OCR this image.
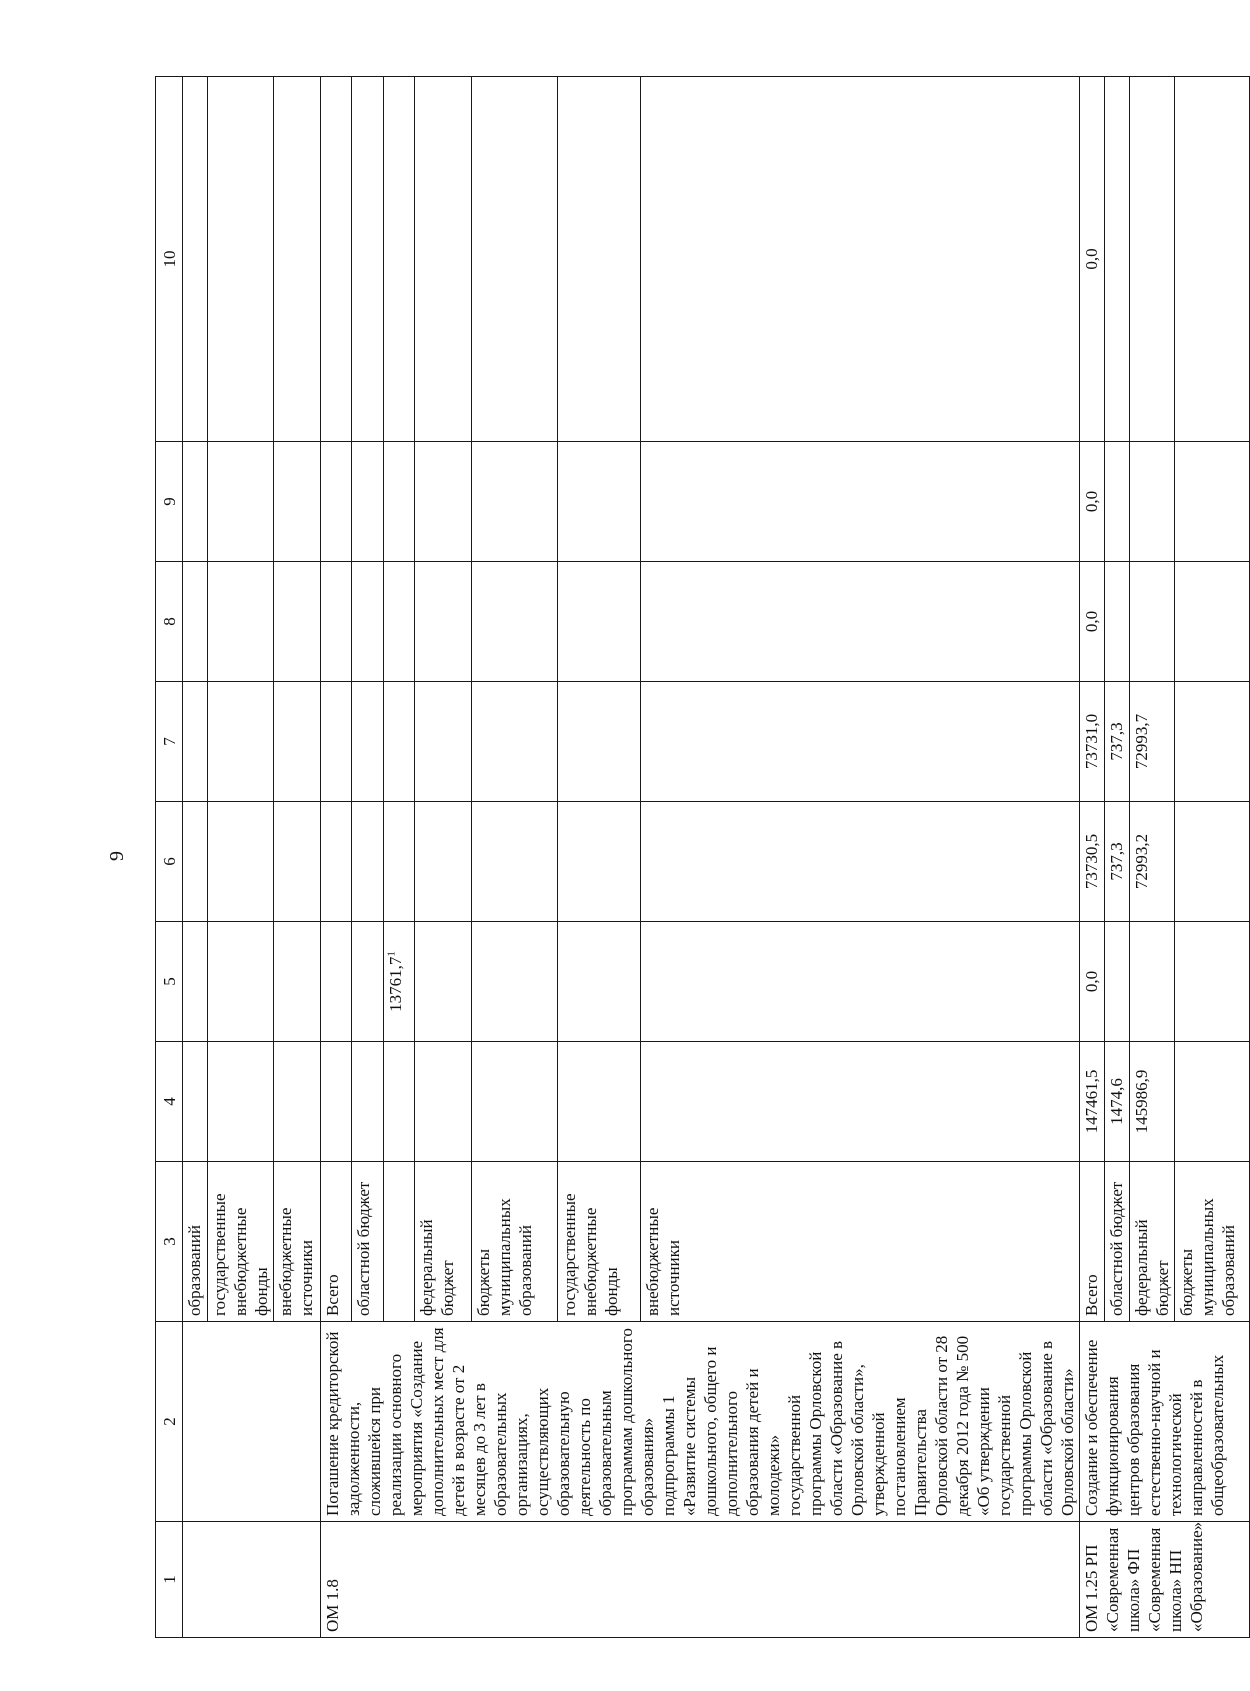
9
1	2	3	4	5	6	7	8	9	10
		образований							
		государственные
внебюджетные фонды							
		внебюджетные
источники							
ОМ 1.8	Погашение кредиторской задолженности, сложившейся при реализации основного мероприятия «Создание дополнительных мест для детей в возрасте от 2 месяцев до 3 лет в образовательных организациях, осуществляющих образовательную деятельность по образовательным программам дошкольного образования» подпрограммы 1 «Развитие системы дошкольного, общего и дополнительного образования детей и молодежи» государственной программы Орловской области «Образование в Орловской области», утвержденной постановлением Правительства Орловской области от 28 декабря 2012 года № 500 «Об утверждении государственной программы Орловской области «Образование в Орловской области»	Всего							
		областной бюджет							
				13761,7$^1$					
		федеральный бюджет							
		бюджеты
муниципальных
образований							
		государственные
внебюджетные фонды							
		внебюджетные
источники							
ОМ 1.25 РП «Современная школа» ФП «Современная школа» НП «Образование»	Создание и обеспечение функционирования центров образования естественно-научной и технологической направленностей в общеобразовательных	Всего	147461,5	0,0	73730,5	73731,0	0,0	0,0	0,0
		областной бюджет	1474,6		737,3	737,3			
		федеральный бюджет	145986,9		72993,2	72993,7			
		бюджеты
муниципальных
образований							
